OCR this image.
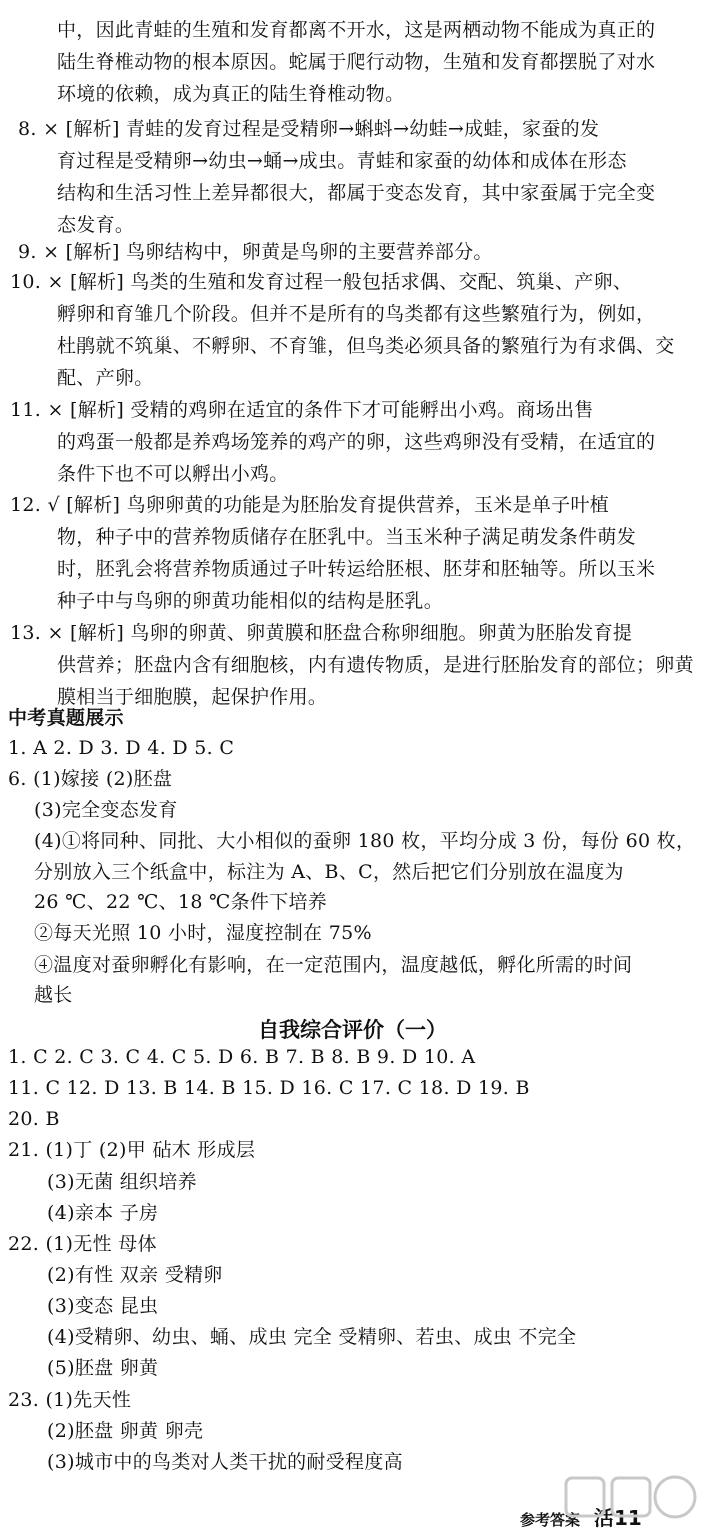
中，因此青蛙的生殖和发育都离不开水，这是两栖动物不能成为真正的
陆生脊椎动物的根本原因。蛇属于爬行动物，生殖和发育都摆脱了对水
环境的依赖，成为真正的陆生脊椎动物。
8. × [解析] 青蛙的发育过程是受精卵→蝌蚪→幼蛙→成蛙，家蚕的发
育过程是受精卵→幼虫→蛹→成虫。青蛙和家蚕的幼体和成体在形态
结构和生活习性上差异都很大，都属于变态发育，其中家蚕属于完全变
态发育。
9. × [解析] 鸟卵结构中，卵黄是鸟卵的主要营养部分。
10. × [解析] 鸟类的生殖和发育过程一般包括求偶、交配、筑巢、产卵、
孵卵和育雏几个阶段。但并不是所有的鸟类都有这些繁殖行为，例如，
杜鹃就不筑巢、不孵卵、不育雏，但鸟类必须具备的繁殖行为有求偶、交
配、产卵。
11. × [解析] 受精的鸡卵在适宜的条件下才可能孵出小鸡。商场出售
的鸡蛋一般都是养鸡场笼养的鸡产的卵，这些鸡卵没有受精，在适宜的
条件下也不可以孵出小鸡。
12. √ [解析] 鸟卵卵黄的功能是为胚胎发育提供营养，玉米是单子叶植
物，种子中的营养物质储存在胚乳中。当玉米种子满足萌发条件萌发
时，胚乳会将营养物质通过子叶转运给胚根、胚芽和胚轴等。所以玉米
种子中与鸟卵的卵黄功能相似的结构是胚乳。
13. × [解析] 鸟卵的卵黄、卵黄膜和胚盘合称卵细胞。卵黄为胚胎发育提
供营养；胚盘内含有细胞核，内有遗传物质，是进行胚胎发育的部位；卵黄
膜相当于细胞膜，起保护作用。
中考真题展示
1. A 2. D 3. D 4. D 5. C
6. (1)嫁接 (2)胚盘
(3)完全变态发育
(4)①将同种、同批、大小相似的蚕卵 180 枚，平均分成 3 份，每份 60 枚，
分别放入三个纸盒中，标注为 A、B、C，然后把它们分别放在温度为
26 ℃、22 ℃、18 ℃条件下培养
②每天光照 10 小时，湿度控制在 75%
④温度对蚕卵孵化有影响，在一定范围内，温度越低，孵化所需的时间
越长
1. C 2. C 3. C 4. C 5. D 6. B 7. B 8. B 9. D 10. A
11. C 12. D 13. B 14. B 15. D 16. C 17. C 18. D 19. B
20. B
21. (1)丁 (2)甲 砧木 形成层
(3)无菌 组织培养
(4)亲本 子房
22. (1)无性 母体
(2)有性 双亲 受精卵
(3)变态 昆虫
(4)受精卵、幼虫、蛹、成虫 完全 受精卵、若虫、成虫 不完全
(5)胚盘 卵黄
23. (1)先天性
(2)胚盘 卵黄 卵壳
(3)城市中的鸟类对人类干扰的耐受程度高
自我综合评价（一）
参考答案 活11
